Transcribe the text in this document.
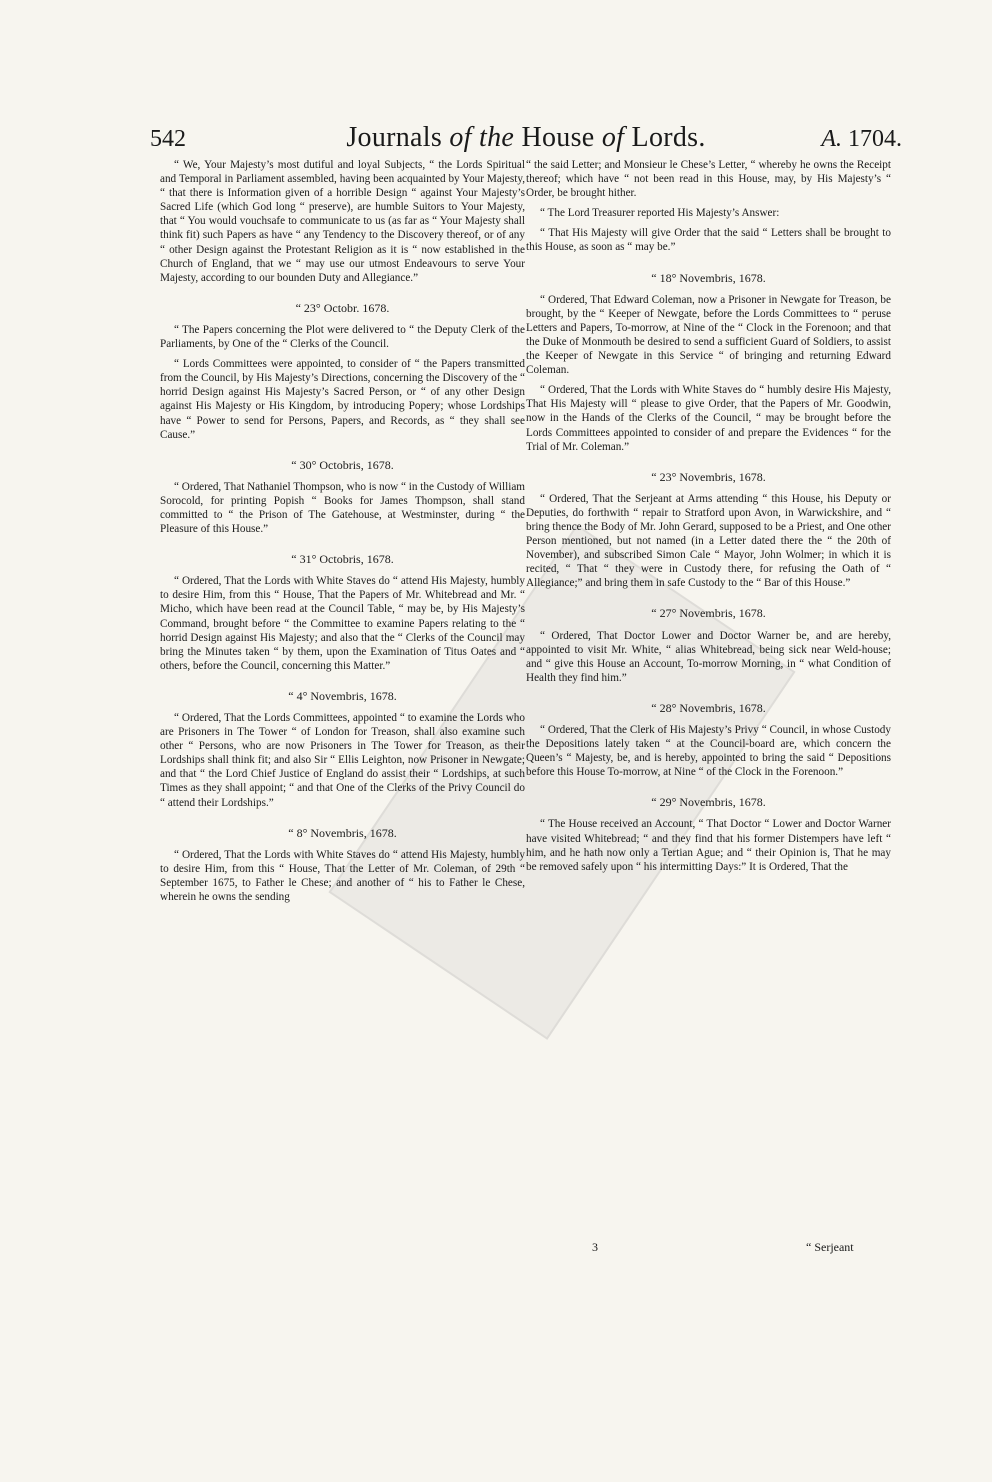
542	Journals of the House of Lords.	A. 1704.

“ We, Your Majesty’s most dutiful and loyal Subjects, “ the Lords Spiritual and Temporal in Parliament assembled, having been acquainted by Your Majesty, “ that there is Information given of a horrible Design “ against Your Majesty’s Sacred Life (which God long “ preserve), are humble Suitors to Your Majesty, that “ You would vouchsafe to communicate to us (as far as “ Your Majesty shall think fit) such Papers as have “ any Tendency to the Discovery thereof, or of any “ other Design against the Protestant Religion as it is “ now established in the Church of England, that we “ may use our utmost Endeavours to serve Your Majesty, according to our bounden Duty and Allegiance.”

“ 23° Octobr. 1678.

“ The Papers concerning the Plot were delivered to “ the Deputy Clerk of the Parliaments, by One of the “ Clerks of the Council.

“ Lords Committees were appointed, to consider of “ the Papers transmitted from the Council, by His Majesty’s Directions, concerning the Discovery of the “ horrid Design against His Majesty’s Sacred Person, or “ of any other Design against His Majesty or His Kingdom, by introducing Popery; whose Lordships have “ Power to send for Persons, Papers, and Records, as “ they shall see Cause.”

“ 30° Octobris, 1678.

“ Ordered, That Nathaniel Thompson, who is now “ in the Custody of William Sorocold, for printing Popish “ Books for James Thompson, shall stand committed to “ the Prison of The Gatehouse, at Westminster, during “ the Pleasure of this House.”

“ 31° Octobris, 1678.

“ Ordered, That the Lords with White Staves do “ attend His Majesty, humbly to desire Him, from this “ House, That the Papers of Mr. Whitebread and Mr. “ Micho, which have been read at the Council Table, “ may be, by His Majesty’s Command, brought before “ the Committee to examine Papers relating to the “ horrid Design against His Majesty; and also that the “ Clerks of the Council may bring the Minutes taken “ by them, upon the Examination of Titus Oates and “ others, before the Council, concerning this Matter.”

“ 4° Novembris, 1678.

“ Ordered, That the Lords Committees, appointed “ to examine the Lords who are Prisoners in The Tower “ of London for Treason, shall also examine such other “ Persons, who are now Prisoners in The Tower for Treason, as their Lordships shall think fit; and also Sir “ Ellis Leighton, now Prisoner in Newgate; and that “ the Lord Chief Justice of England do assist their “ Lordships, at such Times as they shall appoint; “ and that One of the Clerks of the Privy Council do “ attend their Lordships.”

“ 8° Novembris, 1678.

“ Ordered, That the Lords with White Staves do “ attend His Majesty, humbly to desire Him, from this “ House, That the Letter of Mr. Coleman, of 29th “ September 1675, to Father le Chese; and another of “ his to Father le Chese, wherein he owns the sending

“ the said Letter; and Monsieur le Chese’s Letter, “ whereby he owns the Receipt thereof; which have “ not been read in this House, may, by His Majesty’s “ Order, be brought hither.

“ The Lord Treasurer reported His Majesty’s Answer:

“ That His Majesty will give Order that the said “ Letters shall be brought to this House, as soon as “ may be.”

“ 18° Novembris, 1678.

“ Ordered, That Edward Coleman, now a Prisoner in Newgate for Treason, be brought, by the “ Keeper of Newgate, before the Lords Committees to “ peruse Letters and Papers, To-morrow, at Nine of the “ Clock in the Forenoon; and that the Duke of Monmouth be desired to send a sufficient Guard of Soldiers, to assist the Keeper of Newgate in this Service “ of bringing and returning Edward Coleman.

“ Ordered, That the Lords with White Staves do “ humbly desire His Majesty, That His Majesty will “ please to give Order, that the Papers of Mr. Goodwin, now in the Hands of the Clerks of the Council, “ may be brought before the Lords Committees appointed to consider of and prepare the Evidences “ for the Trial of Mr. Coleman.”

“ 23° Novembris, 1678.

“ Ordered, That the Serjeant at Arms attending “ this House, his Deputy or Deputies, do forthwith “ repair to Stratford upon Avon, in Warwickshire, and “ bring thence the Body of Mr. John Gerard, supposed to be a Priest, and One other Person mentioned, but not named (in a Letter dated there the “ the 20th of November), and subscribed Simon Cale “ Mayor, John Wolmer; in which it is recited, “ That “ they were in Custody there, for refusing the Oath of “ Allegiance;” and bring them in safe Custody to the “ Bar of this House.”

“ 27° Novembris, 1678.

“ Ordered, That Doctor Lower and Doctor Warner be, and are hereby, appointed to visit Mr. White, “ alias Whitebread, being sick near Weld-house; and “ give this House an Account, To-morrow Morning, in “ what Condition of Health they find him.”

“ 28° Novembris, 1678.

“ Ordered, That the Clerk of His Majesty’s Privy “ Council, in whose Custody the Depositions lately taken “ at the Council-board are, which concern the Queen’s “ Majesty, be, and is hereby, appointed to bring the said “ Depositions before this House To-morrow, at Nine “ of the Clock in the Forenoon.”

“ 29° Novembris, 1678.

“ The House received an Account, “ That Doctor “ Lower and Doctor Warner have visited Whitebread; “ and they find that his former Distempers have left “ him, and he hath now only a Tertian Ague; and “ their Opinion is, That he may be removed safely upon “ his intermitting Days:” It is Ordered, That the

3	“ Serjeant
